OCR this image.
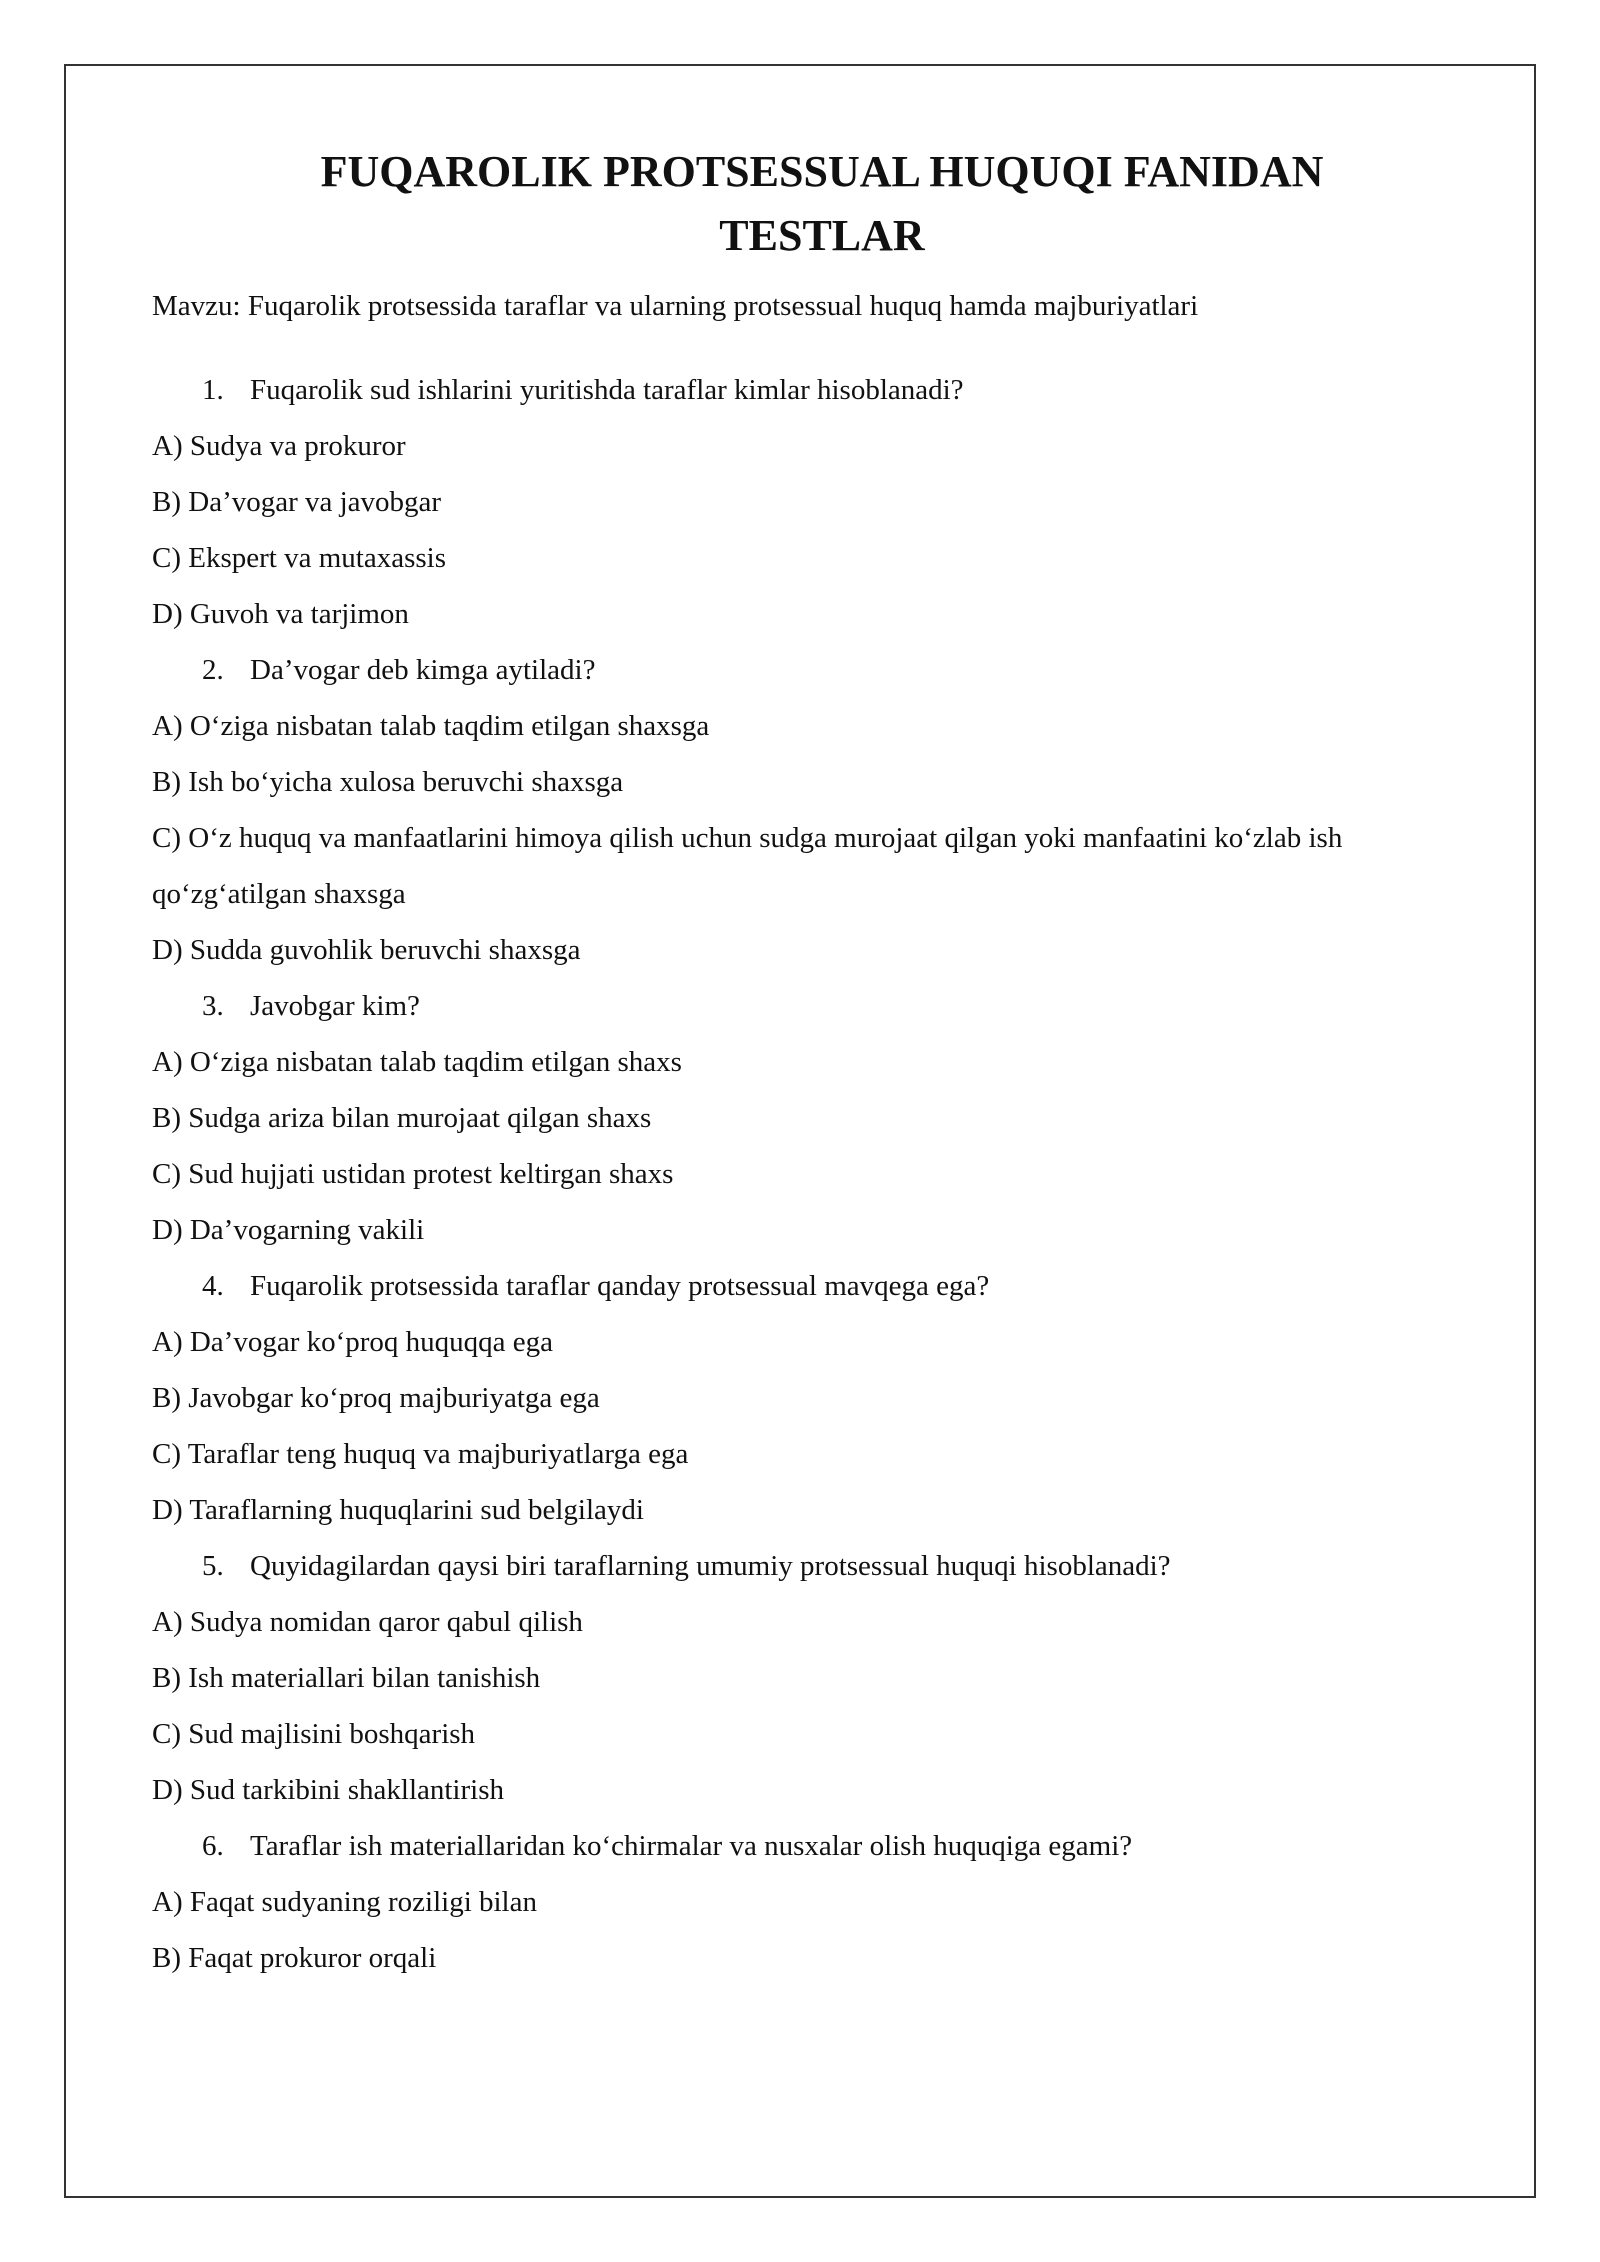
FUQAROLIK PROTSESSUAL HUQUQI FANIDAN
TESTLAR
Mavzu: Fuqarolik protsessida taraflar va ularning protsessual huquq hamda majburiyatlari
1. Fuqarolik sud ishlarini yuritishda taraflar kimlar hisoblanadi?
A) Sudya va prokuror
B) Da’vogar va javobgar
C) Ekspert va mutaxassis
D) Guvoh va tarjimon
2. Da’vogar deb kimga aytiladi?
A) O‘ziga nisbatan talab taqdim etilgan shaxsga
B) Ish bo‘yicha xulosa beruvchi shaxsga
C) O‘z huquq va manfaatlarini himoya qilish uchun sudga murojaat qilgan yoki manfaatini ko‘zlab ish qo‘zg‘atilgan shaxsga
D) Sudda guvohlik beruvchi shaxsga
3. Javobgar kim?
A) O‘ziga nisbatan talab taqdim etilgan shaxs
B) Sudga ariza bilan murojaat qilgan shaxs
C) Sud hujjati ustidan protest keltirgan shaxs
D) Da’vogarning vakili
4. Fuqarolik protsessida taraflar qanday protsessual mavqega ega?
A) Da’vogar ko‘proq huquqqa ega
B) Javobgar ko‘proq majburiyatga ega
C) Taraflar teng huquq va majburiyatlarga ega
D) Taraflarning huquqlarini sud belgilaydi
5. Quyidagilardan qaysi biri taraflarning umumiy protsessual huquqi hisoblanadi?
A) Sudya nomidan qaror qabul qilish
B) Ish materiallari bilan tanishish
C) Sud majlisini boshqarish
D) Sud tarkibini shakllantirish
6. Taraflar ish materiallaridan ko‘chirmalar va nusxalar olish huquqiga egami?
A) Faqat sudyaning roziligi bilan
B) Faqat prokuror orqali
